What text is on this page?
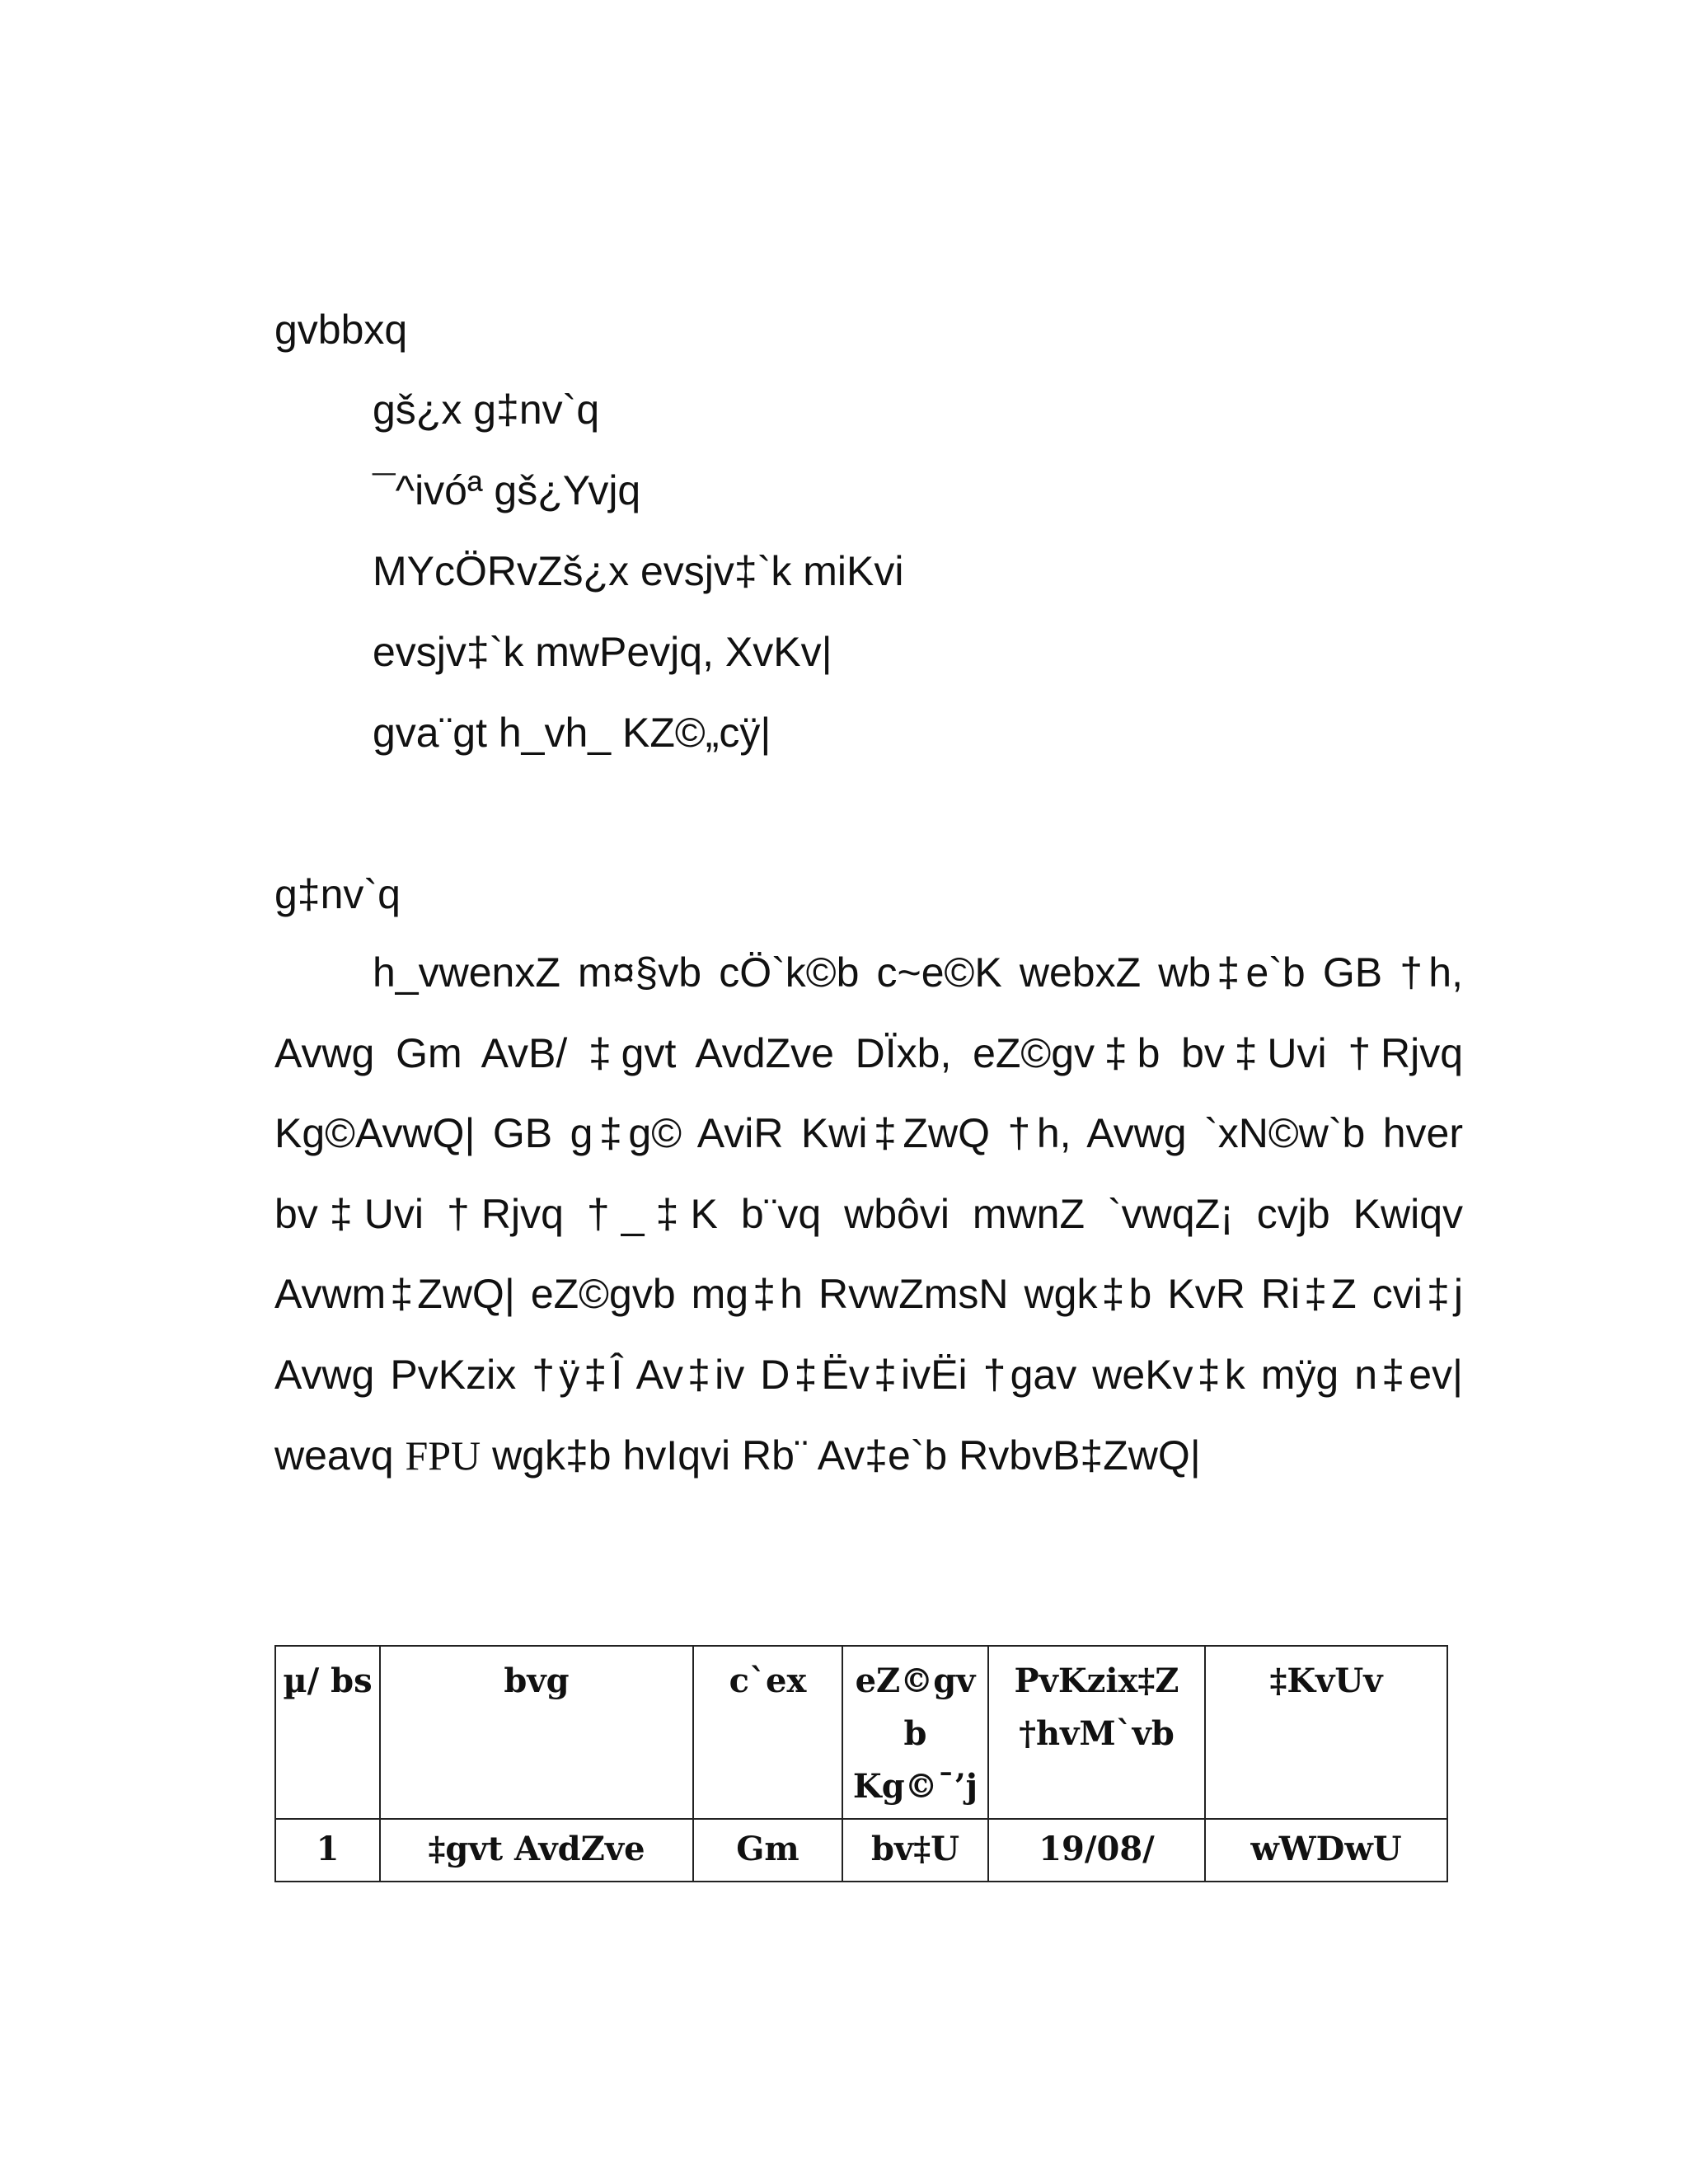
gvbbxq
gš¿x g‡nv`q
¯^ivóª gš¿Yvjq
MYcÖRvZš¿x evsjv‡`k miKvi
evsjv‡`k mwPevjq, XvKv|
gva¨gt h_vh_ KZ©„cÿ|
g‡nv`q

h_vwenxZ m¤§vb cÖ`k©b c~e©K webxZ wb‡e`b GB †h, Avwg Gm AvB/ ‡gvt AvdZve DÏxb, eZ©gv‡b bv‡Uvi †Rjvq Kg©AvwQ| GB g‡g© AviR Kwi‡ZwQ †h, Avwg `xN©w`b hver bv‡Uvi †Rjvq †_‡K b¨vq wbôvi mwnZ `vwqZ¡ cvjb Kwiqv Avwm‡ZwQ| eZ©gvb mg‡h RvwZmsN wgk‡b KvR Ri‡Z cvi‡j Avwg PvKzix †ÿ‡Î Av‡iv D‡Ëv‡ivËi †gav weKv‡k mÿg n‡ev| weavq FPU wgk‡b hvIqvi Rb¨ Av‡e`b RvbvB‡ZwQ|

µ/ bs	bvg	c`ex	eZ©gvb Kg©¯’j	PvKzix‡Z †hvM`vb	‡KvUv
1	‡gvt AvdZve	Gm	bv‡U	19/08/	wWDwU
